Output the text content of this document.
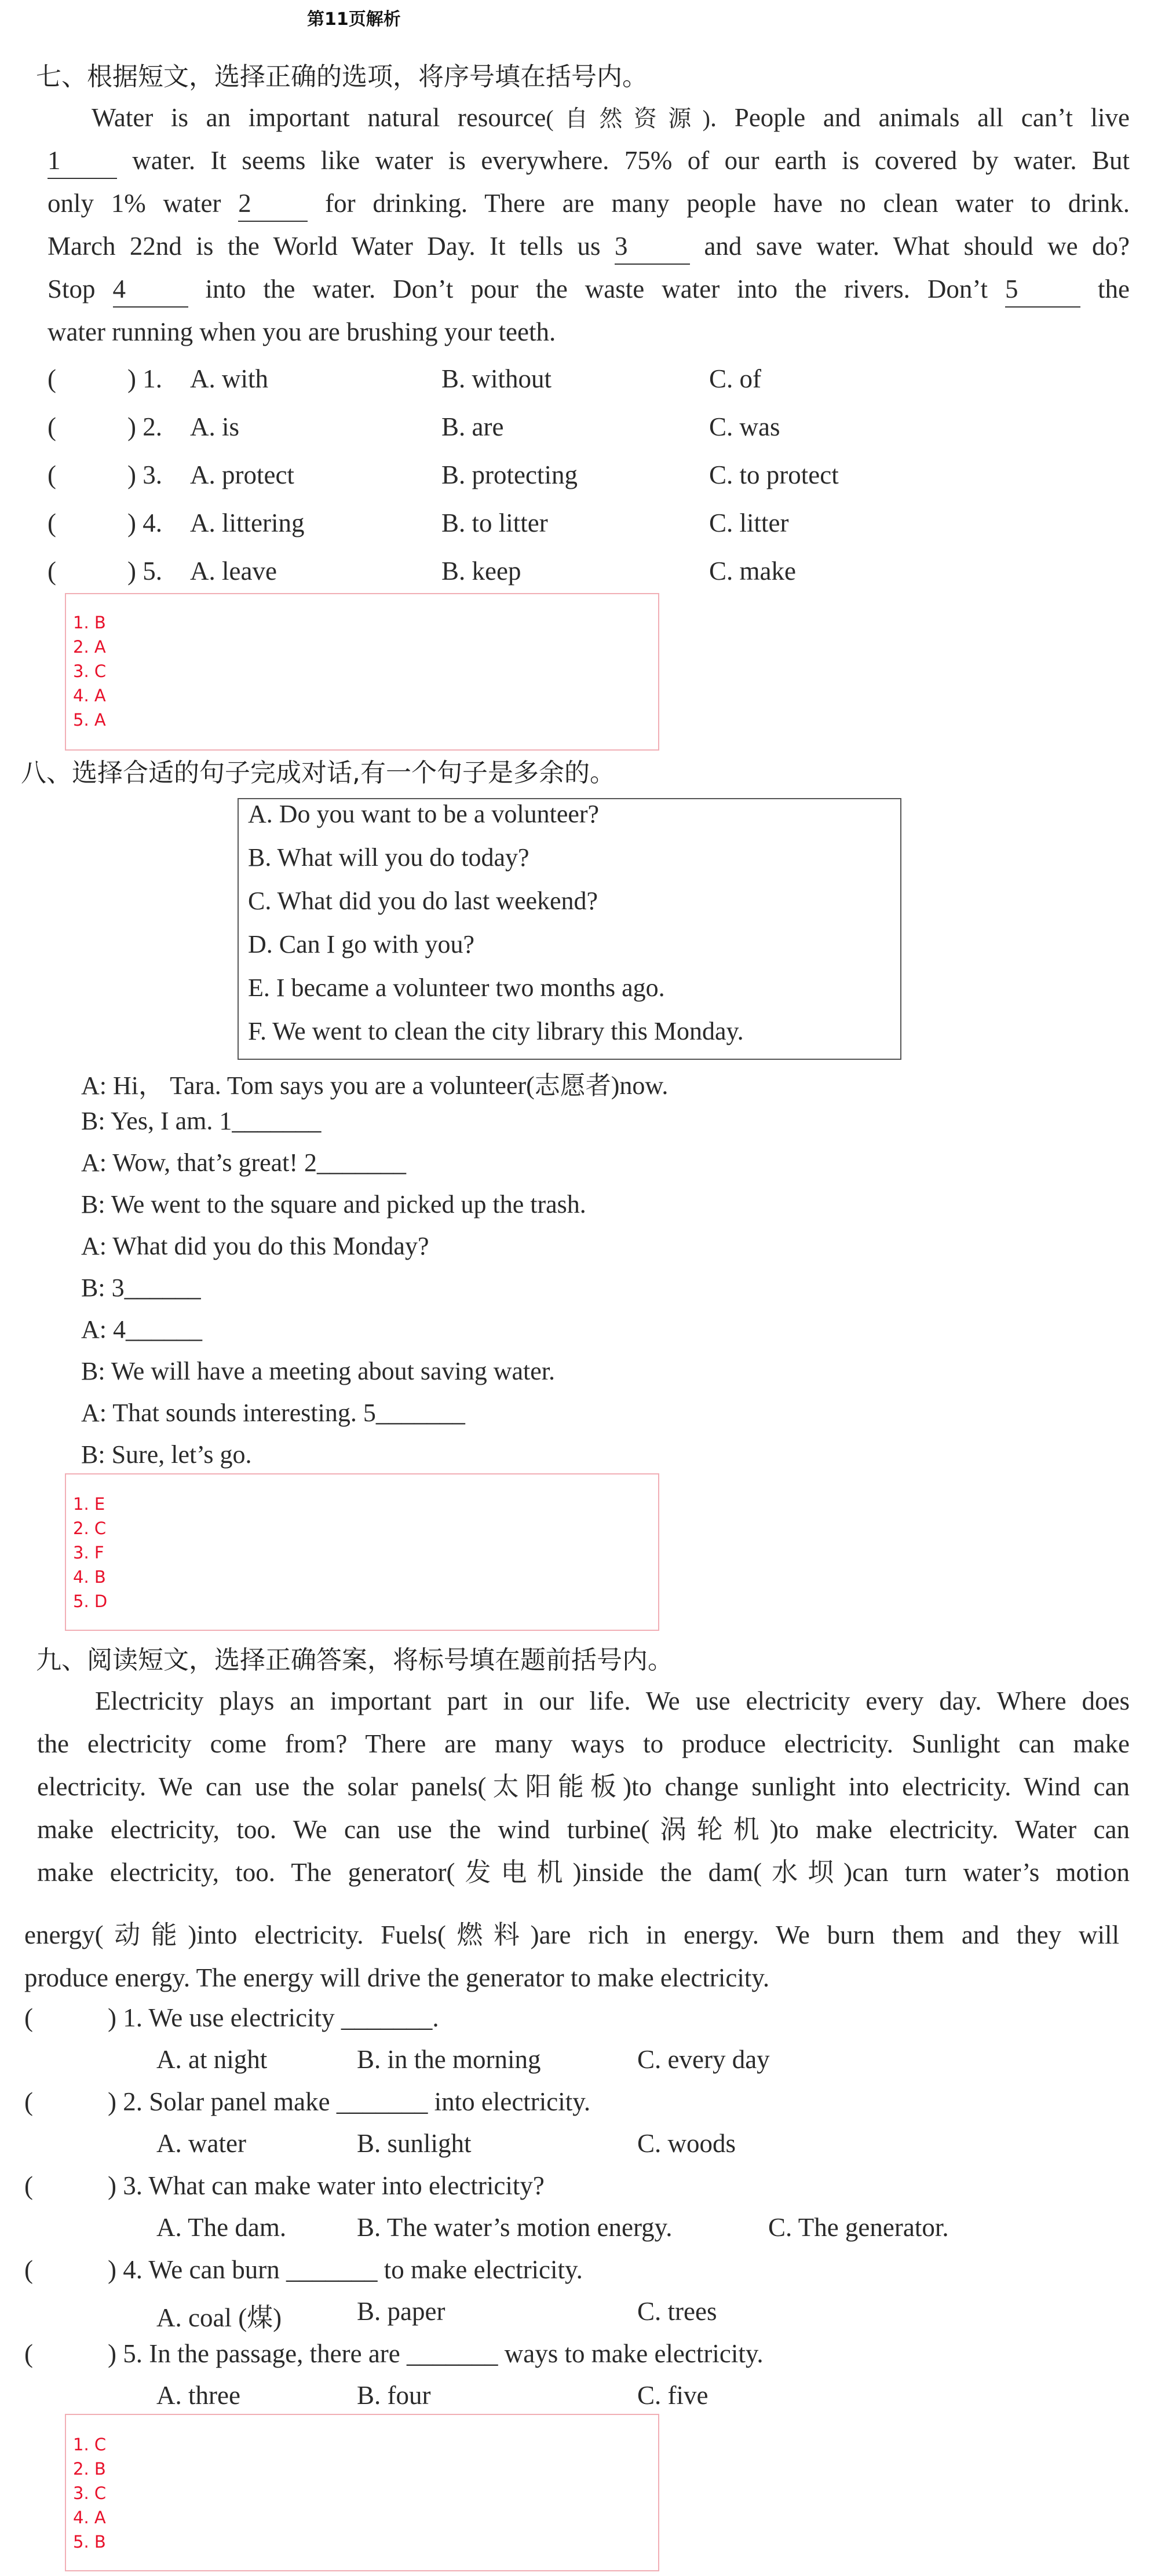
第11页解析
七、根据短文，选择正确的选项，将序号填在括号内。
Water is an important natural resource(自然资源). People and animals all can’t live
1 water. It seems like water is everywhere. 75% of our earth is covered by water. But
only 1% water 2 for drinking. There are many people have no clean water to drink.
March 22nd is the World Water Day. It tells us 3 and save water. What should we do?
Stop 4 into the water. Don’t pour the waste water into the rivers. Don’t 5 the
water running when you are brushing your teeth.
(	) 1. A. with	B. without	C. of
(	) 2. A. is	B. are	C. was
(	) 3. A. protect	B. protecting	C. to protect
(	) 4. A. littering	B. to litter	C. litter
(	) 5. A. leave	B. keep	C. make
1. B
2. A
3. C
4. A
5. A
八、选择合适的句子完成对话,有一个句子是多余的。
A. Do you want to be a volunteer?
B. What will you do today?
C. What did you do last weekend?
D. Can I go with you?
E. I became a volunteer two months ago.
F. We went to clean the city library this Monday.
A: Hi， Tara. Tom says you are a volunteer(志愿者)now.
B: Yes, I am. 1_______
A: Wow, that’s great! 2_______
B: We went to the square and picked up the trash.
A: What did you do this Monday?
B: 3______
A: 4______
B: We will have a meeting about saving water.
A: That sounds interesting. 5_______
B: Sure, let’s go.
1. E
2. C
3. F
4. B
5. D
九、阅读短文，选择正确答案，将标号填在题前括号内。
Electricity plays an important part in our life. We use electricity every day. Where does
the electricity come from? There are many ways to produce electricity. Sunlight can make
electricity. We can use the solar panels(太阳能板)to change sunlight into electricity. Wind can
make electricity, too. We can use the wind turbine(涡轮机)to make electricity. Water can
make electricity, too. The generator(发电机)inside the dam(水坝)can turn water’s motion
energy(动能)into electricity. Fuels(燃料)are rich in energy. We burn them and they will
produce energy. The energy will drive the generator to make electricity.
(	) 1. We use electricity _______.
A. at night	B. in the morning	C. every day
(	) 2. Solar panel make _______ into electricity.
A. water	B. sunlight	C. woods
(	) 3. What can make water into electricity?
A. The dam.	B. The water’s motion energy.	C. The generator.
(	) 4. We can burn _______ to make electricity.
A. coal (煤)	B. paper	C. trees
(	) 5. In the passage, there are _______ ways to make electricity.
A. three	B. four	C. five
1. C
2. B
3. C
4. A
5. B
